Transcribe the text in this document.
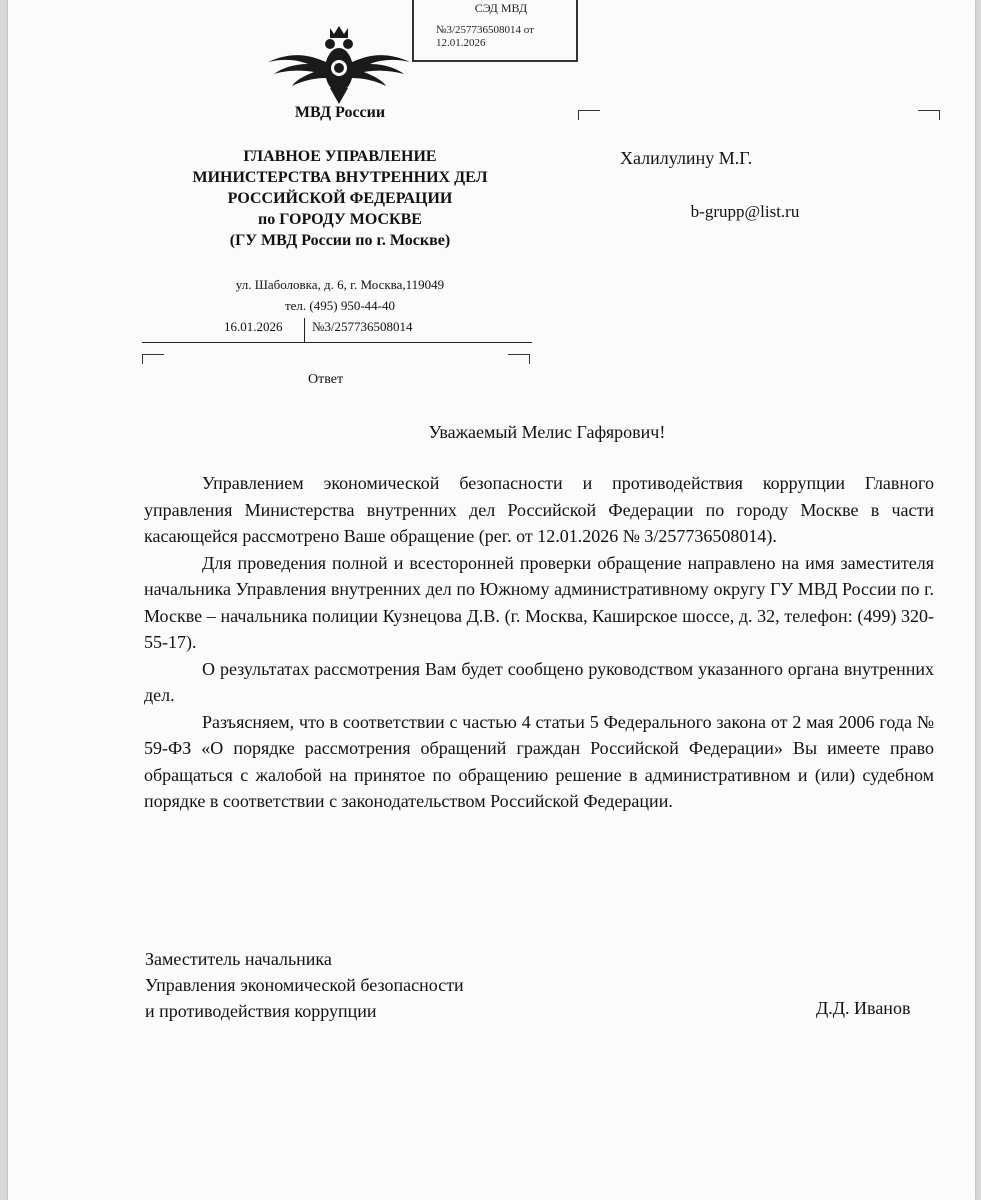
СЭД МВД
№3/257736508014 от
12.01.2026
МВД России
ГЛАВНОЕ УПРАВЛЕНИЕ
МИНИСТЕРСТВА ВНУТРЕННИХ ДЕЛ
РОССИЙСКОЙ ФЕДЕРАЦИИ
по ГОРОДУ МОСКВЕ
(ГУ МВД России по г. Москве)
ул. Шаболовка, д. 6, г. Москва,119049
тел. (495) 950-44-40
16.01.2026 №3/257736508014
Ответ
Халилулину М.Г.
b-grupp@list.ru
Уважаемый Мелис Гафярович!

Управлением экономической безопасности и противодействия коррупции Главного управления Министерства внутренних дел Российской Федерации по городу Москве в части касающейся рассмотрено Ваше обращение (рег. от 12.01.2026 № 3/257736508014).

Для проведения полной и всесторонней проверки обращение направлено на имя заместителя начальника Управления внутренних дел по Южному административному округу ГУ МВД России по г. Москве – начальника полиции Кузнецова Д.В. (г. Москва, Каширское шоссе, д. 32, телефон: (499) 320-55-17).

О результатах рассмотрения Вам будет сообщено руководством указанного органа внутренних дел.

Разъясняем, что в соответствии с частью 4 статьи 5 Федерального закона от 2 мая 2006 года № 59-ФЗ «О порядке рассмотрения обращений граждан Российской Федерации» Вы имеете право обращаться с жалобой на принятое по обращению решение в административном и (или) судебном порядке в соответствии с законодательством Российской Федерации.

Заместитель начальника
Управления экономической безопасности
и противодействия коррупции	Д.Д. Иванов
